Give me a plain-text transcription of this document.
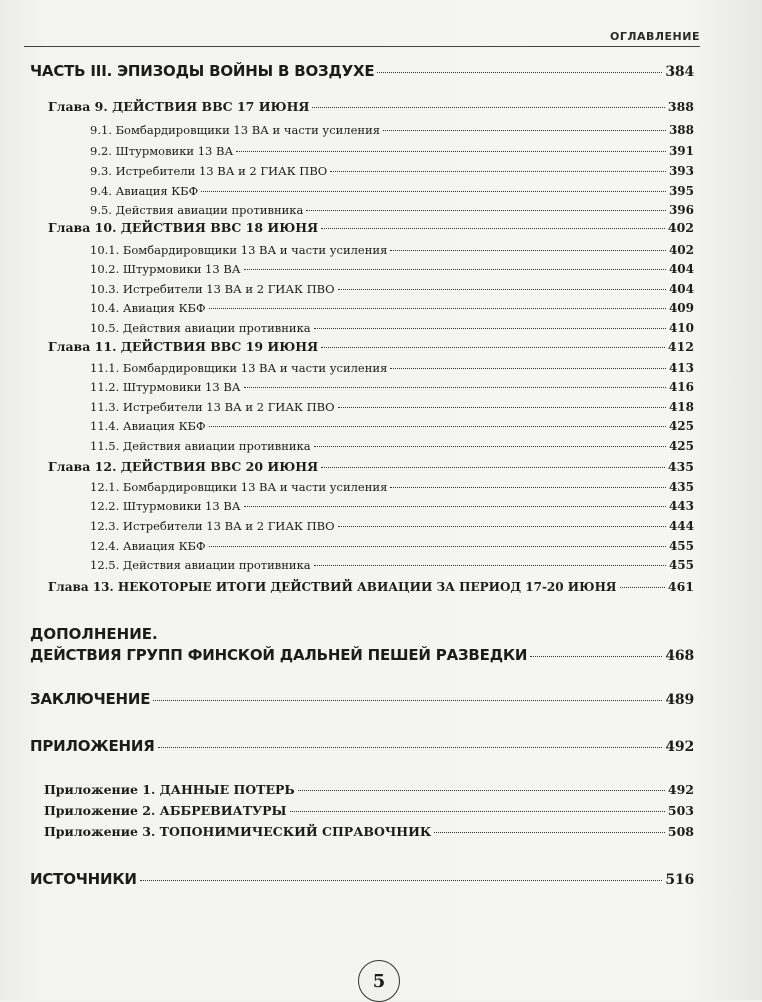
ОГЛАВЛЕНИЕ
ЧАСТЬ III. ЭПИЗОДЫ ВОЙНЫ В ВОЗДУХЕ	384
Глава 9. ДЕЙСТВИЯ ВВС 17 ИЮНЯ	388
9.1. Бомбардировщики 13 ВА и части усиления	388
9.2. Штурмовики 13 ВА	391
9.3. Истребители 13 ВА и 2 ГИАК ПВО	393
9.4. Авиация КБФ	395
9.5. Действия авиации противника	396
Глава 10. ДЕЙСТВИЯ ВВС 18 ИЮНЯ	402
10.1. Бомбардировщики 13 ВА и части усиления	402
10.2. Штурмовики 13 ВА	404
10.3. Истребители 13 ВА и 2 ГИАК ПВО	404
10.4. Авиация КБФ	409
10.5. Действия авиации противника	410
Глава 11. ДЕЙСТВИЯ ВВС 19 ИЮНЯ	412
11.1. Бомбардировщики 13 ВА и части усиления	413
11.2. Штурмовики 13 ВА	416
11.3. Истребители 13 ВА и 2 ГИАК ПВО	418
11.4. Авиация КБФ	425
11.5. Действия авиации противника	425
Глава 12. ДЕЙСТВИЯ ВВС 20 ИЮНЯ	435
12.1. Бомбардировщики 13 ВА и части усиления	435
12.2. Штурмовики 13 ВА	443
12.3. Истребители 13 ВА и 2 ГИАК ПВО	444
12.4. Авиация КБФ	455
12.5. Действия авиации противника	455
Глава 13. НЕКОТОРЫЕ ИТОГИ ДЕЙСТВИЙ АВИАЦИИ ЗА ПЕРИОД 17-20 ИЮНЯ	461
ДОПОЛНЕНИЕ.
ДЕЙСТВИЯ ГРУПП ФИНСКОЙ ДАЛЬНЕЙ ПЕШЕЙ РАЗВЕДКИ	468
ЗАКЛЮЧЕНИЕ	489
ПРИЛОЖЕНИЯ	492
Приложение 1. ДАННЫЕ ПОТЕРЬ	492
Приложение 2. АББРЕВИАТУРЫ	503
Приложение 3. ТОПОНИМИЧЕСКИЙ СПРАВОЧНИК	508
ИСТОЧНИКИ	516
5
